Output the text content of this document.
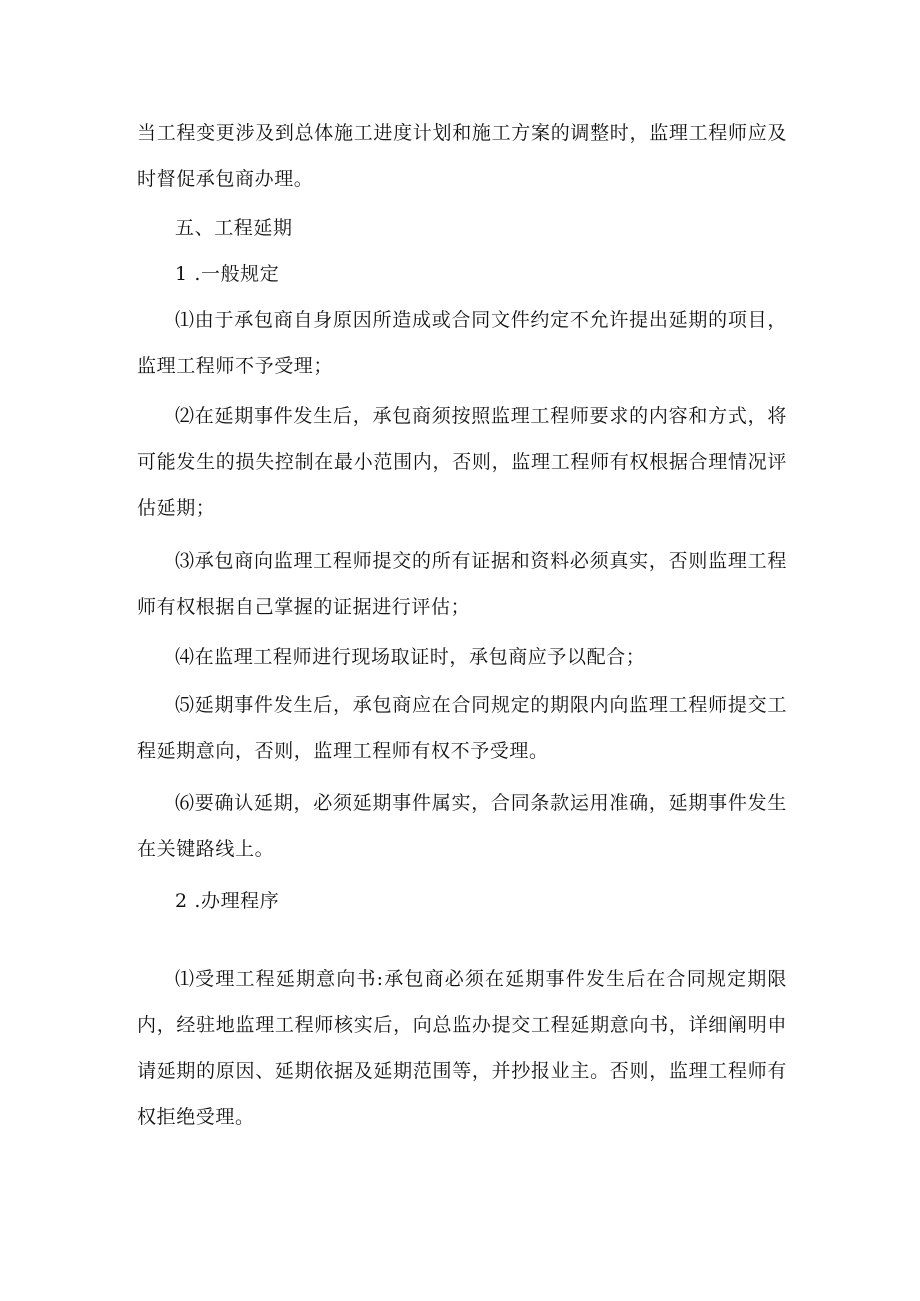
当工程变更涉及到总体施工进度计划和施工方案的调整时，监理工程师应及时督促承包商办理。

五、工程延期

1 .一般规定

⑴由于承包商自身原因所造成或合同文件约定不允许提出延期的项目，监理工程师不予受理；

⑵在延期事件发生后，承包商须按照监理工程师要求的内容和方式，将可能发生的损失控制在最小范围内，否则，监理工程师有权根据合理情况评估延期；

⑶承包商向监理工程师提交的所有证据和资料必须真实，否则监理工程师有权根据自己掌握的证据进行评估；

⑷在监理工程师进行现场取证时，承包商应予以配合；

⑸延期事件发生后，承包商应在合同规定的期限内向监理工程师提交工程延期意向，否则，监理工程师有权不予受理。

⑹要确认延期，必须延期事件属实，合同条款运用准确，延期事件发生在关键路线上。

2 .办理程序

⑴受理工程延期意向书:承包商必须在延期事件发生后在合同规定期限内，经驻地监理工程师核实后，向总监办提交工程延期意向书，详细阐明申请延期的原因、延期依据及延期范围等，并抄报业主。否则，监理工程师有权拒绝受理。
